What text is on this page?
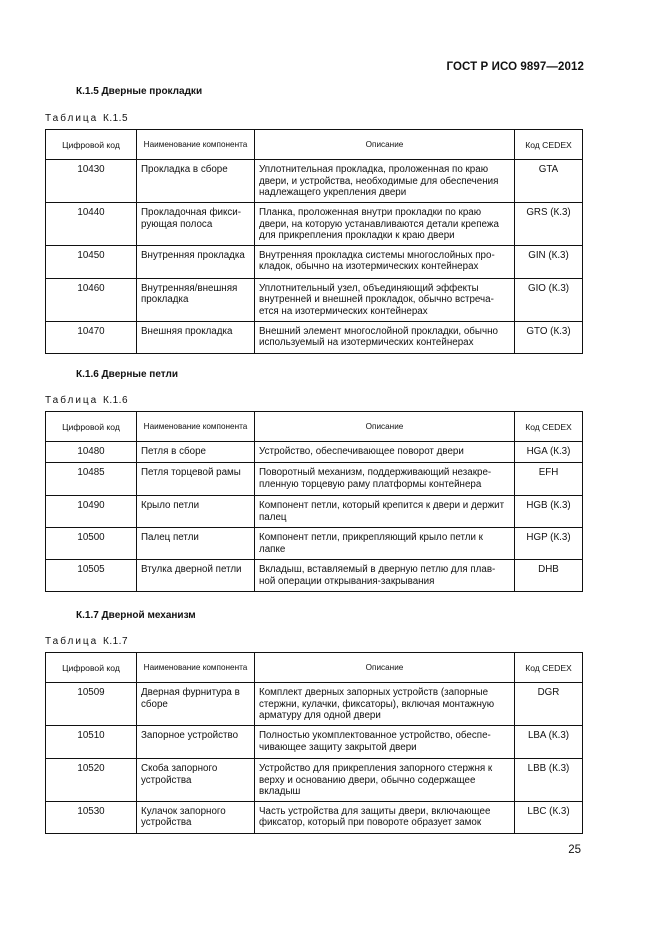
ГОСТ Р ИСО 9897—2012
К.1.5 Дверные прокладки
Таблица К.1.5
Цифровой код	Наименование компонента	Описание	Код CEDEX
10430	Прокладка в сборе	Уплотнительная прокладка, проложенная по краю двери, и устройства, необходимые для обеспечения надлежащего укрепления двери	GTA
10440	Прокладочная фикси-рующая полоса	Планка, проложенная внутри прокладки по краю двери, на которую устанавливаются детали крепежа для прикрепления прокладки к краю двери	GRS (К.3)
10450	Внутренняя прокладка	Внутренняя прокладка системы многослойных про-кладок, обычно на изотермических контейнерах	GIN (К.3)
10460	Внутренняя/внешняя прокладка	Уплотнительный узел, объединяющий эффекты внутренней и внешней прокладок, обычно встреча-ется на изотермических контейнерах	GIO (К.3)
10470	Внешняя прокладка	Внешний элемент многослойной прокладки, обычно используемый на изотермических контейнерах	GTO (К.3)
К.1.6 Дверные петли
Таблица К.1.6
Цифровой код	Наименование компонента	Описание	Код CEDEX
10480	Петля в сборе	Устройство, обеспечивающее поворот двери	HGA (К.3)
10485	Петля торцевой рамы	Поворотный механизм, поддерживающий незакре-пленную торцевую раму платформы контейнера	EFH
10490	Крыло петли	Компонент петли, который крепится к двери и держит палец	HGB (К.3)
10500	Палец петли	Компонент петли, прикрепляющий крыло петли к лапке	HGP (К.3)
10505	Втулка дверной петли	Вкладыш, вставляемый в дверную петлю для плав-ной операции открывания-закрывания	DHB
К.1.7 Дверной механизм
Таблица К.1.7
Цифровой код	Наименование компонента	Описание	Код CEDEX
10509	Дверная фурнитура в сборе	Комплект дверных запорных устройств (запорные стержни, кулачки, фиксаторы), включая монтажную арматуру для одной двери	DGR
10510	Запорное устройство	Полностью укомплектованное устройство, обеспе-чивающее защиту закрытой двери	LBA (К.3)
10520	Скоба запорного устройства	Устройство для прикрепления запорного стержня к верху и основанию двери, обычно содержащее вкладыш	LBB (К.3)
10530	Кулачок запорного устройства	Часть устройства для защиты двери, включающее фиксатор, который при повороте образует замок	LBC (К.3)
25
